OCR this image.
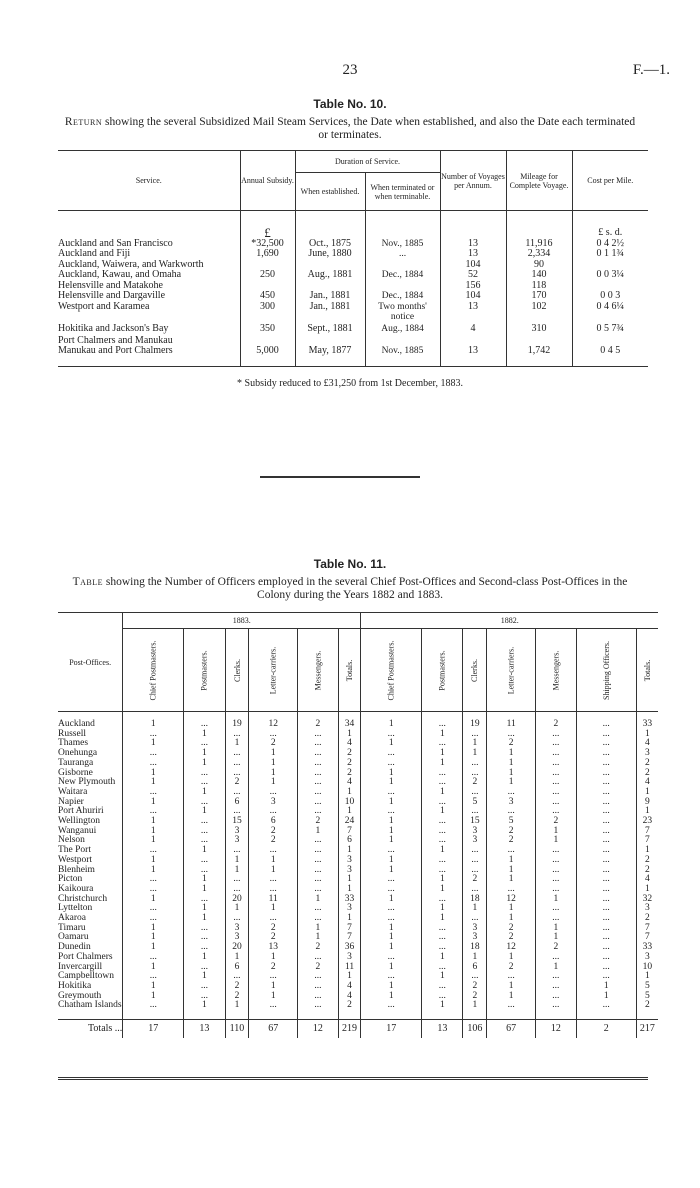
23	F.—1.
Table No. 10.
Return showing the several Subsidized Mail Steam Services, the Date when established, and also the Date each terminated or terminates.
Service.	Annual Subsidy.	Duration of Service.		Number of Voyages per Annum.	Mileage for Complete Voyage.	Cost per Mile.
		When established.	When terminated or when terminable.			
	£					£ s. d.
Auckland and San Francisco	*32,500	Oct., 1875	Nov., 1885	13	11,916	0 4 2½
Auckland and Fiji	1,690	June, 1880	...	13	2,334	0 1 1¾
Auckland, Waiwera, and Warkworth				104	90	
Auckland, Kawau, and Omaha	250	Aug., 1881	Dec., 1884	52	140	0 0 3¼
Helensville and Matakohe				156	118	
Helensville and Dargaville	450	Jan., 1881	Dec., 1884	104	170	0 0 3
Westport and Karamea	300	Jan., 1881	Two months' notice	13	102	0 4 6¼
Hokitika and Jackson's Bay	350	Sept., 1881	Aug., 1884	4	310	0 5 7¾
Port Chalmers and Manukau						
Manukau and Port Chalmers	5,000	May, 1877	Nov., 1885	13	1,742	0 4 5

* Subsidy reduced to £31,250 from 1st December, 1883.
Table No. 11.
Table showing the Number of Officers employed in the several Chief Post-Offices and Second-class Post-Offices in the Colony during the Years 1882 and 1883.
Post-Offices.	1883.						1882.						
	Chief Postmasters.	Postmasters.	Clerks.	Letter-carriers.	Messengers.	Totals.	Chief Postmasters.	Postmasters.	Clerks.	Letter-carriers.	Messengers.	Shipping Officers.	Totals.

Auckland	1	...	19	12	2	34	1	...	19	11	2	...	33
Russell	...	1	...	...	...	1	...	1	...	...	...	...	1
Thames	1	...	1	2	...	4	1	...	1	2	...	...	4
Onehunga	...	1	...	1	...	2	...	1	1	1	...	...	3
Tauranga	...	1	...	1	...	2	...	1	...	1	...	...	2
Gisborne	1	...	...	1	...	2	1	...	...	1	...	...	2
New Plymouth	1	...	2	1	...	4	1	...	2	1	...	...	4
Waitara	...	1	...	...	...	1	...	1	...	...	...	...	1
Napier	1	...	6	3	...	10	1	...	5	3	...	...	9
Port Ahuriri	...	1	...	...	...	1	...	1	...	...	...	...	1
Wellington	1	...	15	6	2	24	1	...	15	5	2	...	23
Wanganui	1	...	3	2	1	7	1	...	3	2	1	...	7
Nelson	1	...	3	2	...	6	1	...	3	2	1	...	7
The Port	...	1	...	...	...	1	...	1	...	...	...	...	1
Westport	1	...	1	1	...	3	1	...	...	1	...	...	2
Blenheim	1	...	1	1	...	3	1	...	...	1	...	...	2
Picton	...	1	...	...	...	1	...	1	2	1	...	...	4
Kaikoura	...	1	...	...	...	1	...	1	...	...	...	...	1
Christchurch	1	...	20	11	1	33	1	...	18	12	1	...	32
Lyttelton	...	1	1	1	...	3	...	1	1	1	...	...	3
Akaroa	...	1	...	...	...	1	...	1	...	1	...	...	2
Timaru	1	...	3	2	1	7	1	...	3	2	1	...	7
Oamaru	1	...	3	2	1	7	1	...	3	2	1	...	7
Dunedin	1	...	20	13	2	36	1	...	18	12	2	...	33
Port Chalmers	...	1	1	1	...	3	...	1	1	1	...	...	3
Invercargill	1	...	6	2	2	11	1	...	6	2	1	...	10
Campbelltown	...	1	...	...	...	1	...	1	...	...	...	...	1
Hokitika	1	...	2	1	...	4	1	...	2	1	...	1	5
Greymouth	1	...	2	1	...	4	1	...	2	1	...	1	5
Chatham Islands	...	1	1	...	...	2	...	1	1	...	...	...	2

Totals ...	17	13	110	67	12	219	17	13	106	67	12	2	217
